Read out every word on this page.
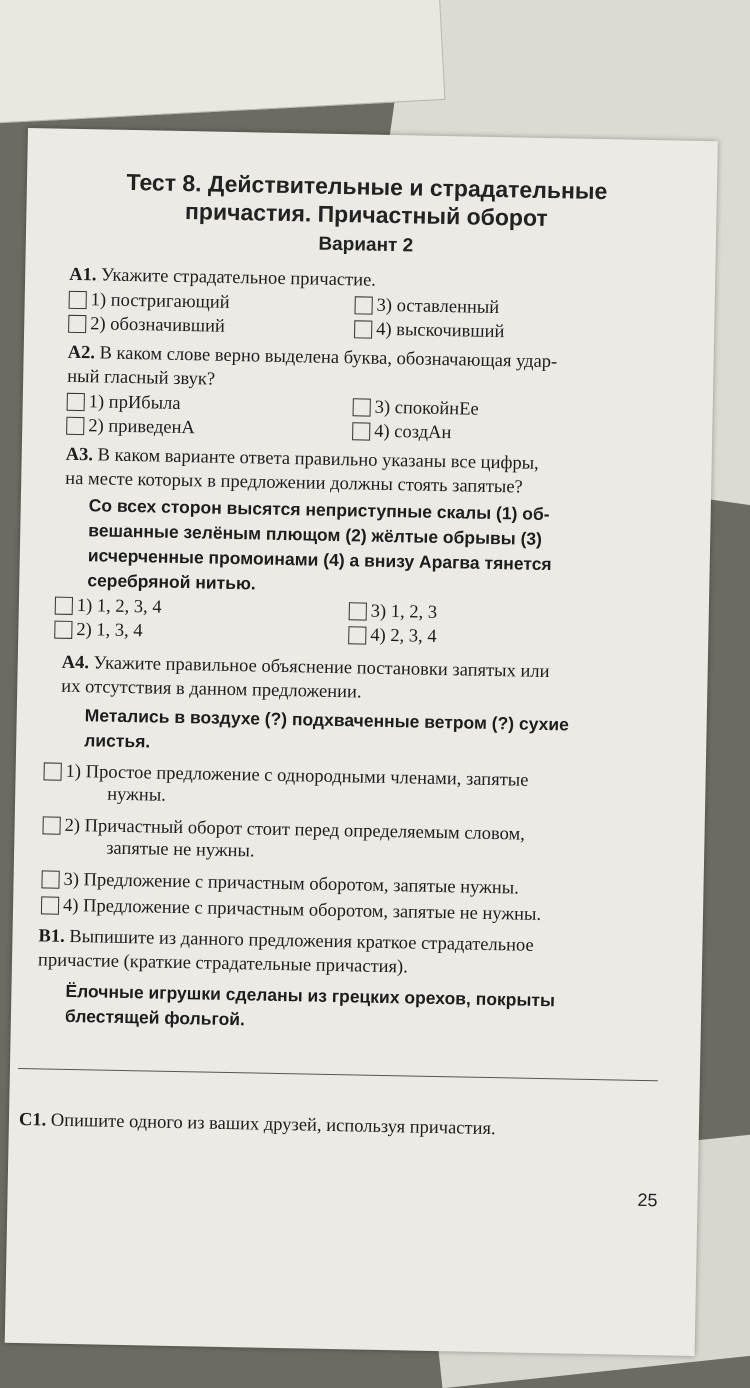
Тест 8. Действительные и страдательные
причастия. Причастный оборот
Вариант 2
А1. Укажите страдательное причастие.
1) постригающий
2) обозначивший
3) оставленный
4) выскочивший
А2. В каком слове верно выделена буква, обозначающая удар-
ный гласный звук?
1) прИбыла
2) приведенА
3) спокойнЕе
4) создАн
А3. В каком варианте ответа правильно указаны все цифры,
на месте которых в предложении должны стоять запятые?
Со всех сторон высятся неприступные скалы (1) об-
вешанные зелёным плющом (2) жёлтые обрывы (3)
исчерченные промоинами (4) а внизу Арагва тянется
серебряной нитью.
1) 1, 2, 3, 4
2) 1, 3, 4
3) 1, 2, 3
4) 2, 3, 4
А4. Укажите правильное объяснение постановки запятых или
их отсутствия в данном предложении.
Метались в воздухе (?) подхваченные ветром (?) сухие
листья.
1) Простое предложение с однородными членами, запятые
нужны.
2) Причастный оборот стоит перед определяемым словом,
запятые не нужны.
3) Предложение с причастным оборотом, запятые нужны.
4) Предложение с причастным оборотом, запятые не нужны.
В1. Выпишите из данного предложения краткое страдательное
причастие (краткие страдательные причастия).
Ёлочные игрушки сделаны из грецких орехов, покрыты
блестящей фольгой.
С1. Опишите одного из ваших друзей, используя причастия.
25
